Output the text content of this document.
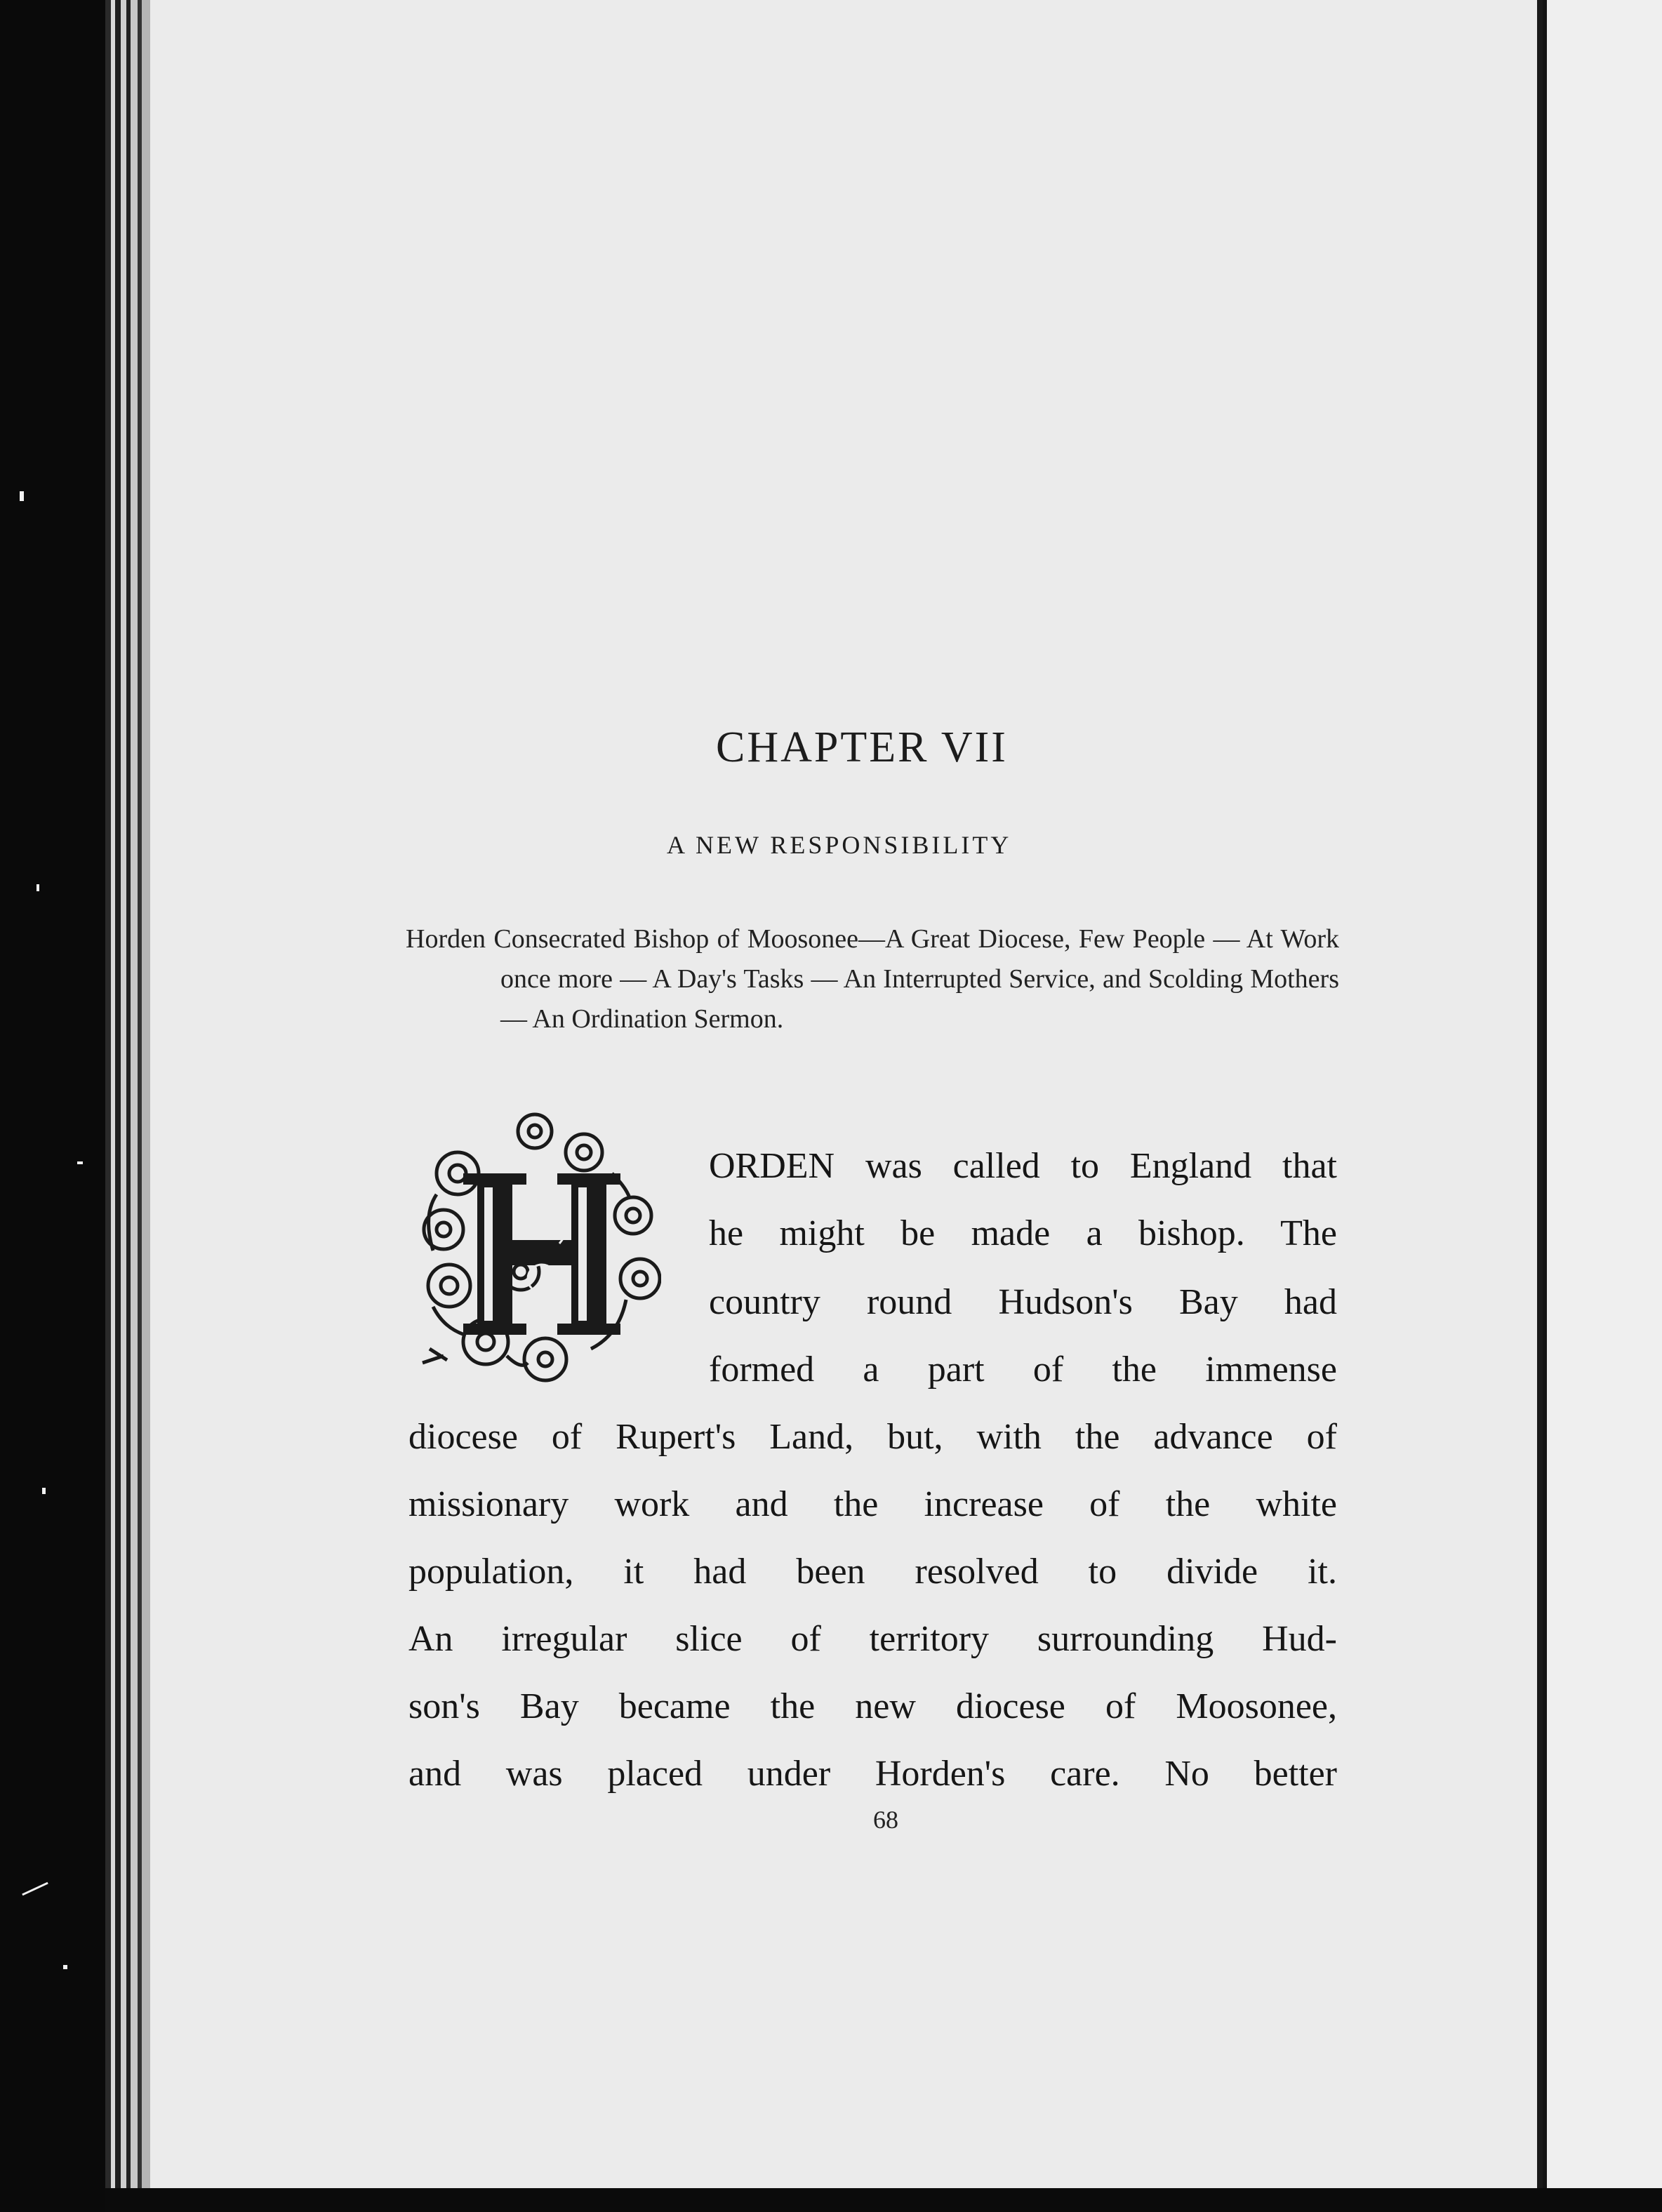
CHAPTER VII
A NEW RESPONSIBILITY
Horden Consecrated Bishop of Moosonee—A Great Diocese, Few People — At Work once more — A Day's Tasks — An Interrupted Service, and Scolding Mothers — An Ordination Sermon.
ORDEN was called to England that
he might be made a bishop. The
country round Hudson's Bay had
formed a part of the immense
diocese of Rupert's Land, but, with the advance of
missionary work and the increase of the white
population, it had been resolved to divide it.
An irregular slice of territory surrounding Hud-
son's Bay became the new diocese of Moosonee,
and was placed under Horden's care. No better
68
